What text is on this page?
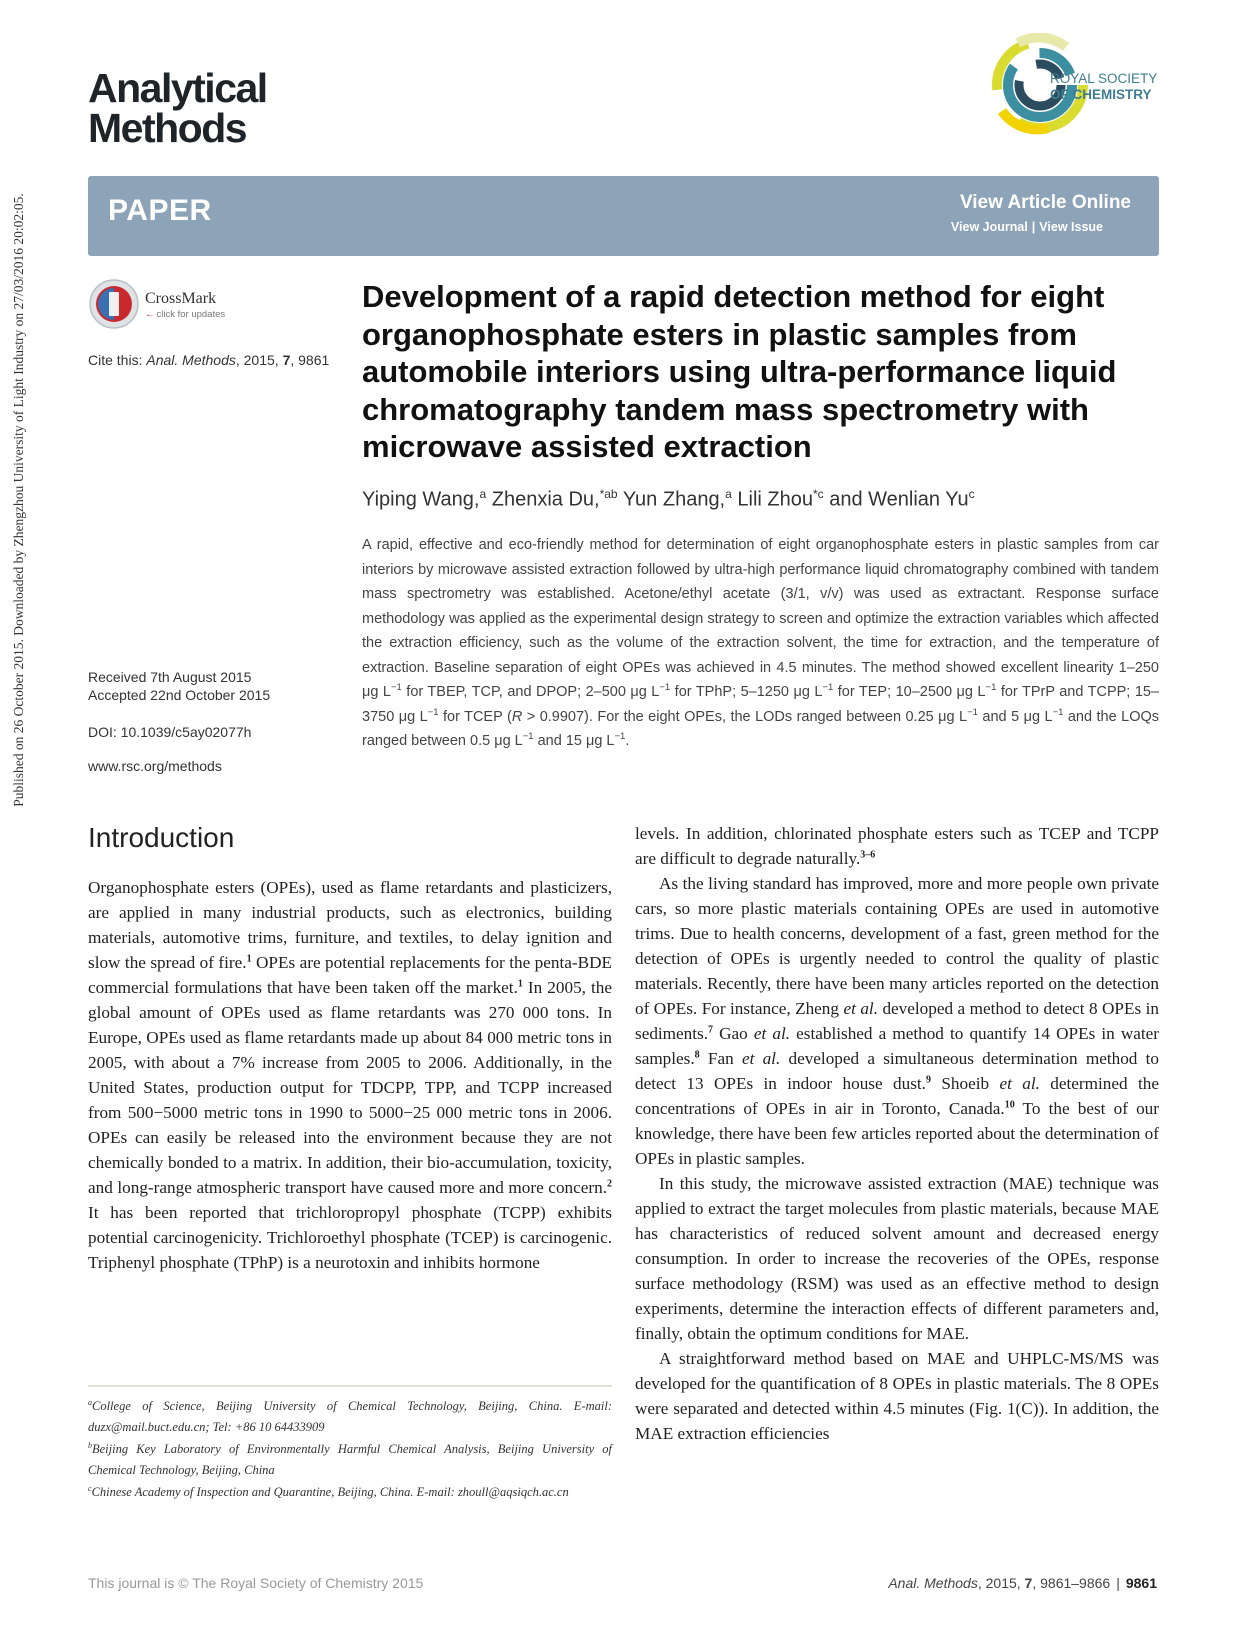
Published on 26 October 2015. Downloaded by Zhengzhou University of Light Industry on 27/03/2016 20:02:05.
Analytical
Methods
ROYAL SOCIETY
OF CHEMISTRY
PAPER	View Article Online
View Journal | View Issue
CrossMark
← click for updates
Cite this: Anal. Methods, 2015, 7, 9861
Received 7th August 2015
Accepted 22nd October 2015
DOI: 10.1039/c5ay02077h
www.rsc.org/methods
Development of a rapid detection method for eight organophosphate esters in plastic samples from automobile interiors using ultra-performance liquid chromatography tandem mass spectrometry with microwave assisted extraction
Yiping Wang,$^a$ Zhenxia Du,$^{*ab}$ Yun Zhang,$^a$ Lili Zhou$^{*c}$ and Wenlian Yu$^c$

A rapid, effective and eco-friendly method for determination of eight organophosphate esters in plastic samples from car interiors by microwave assisted extraction followed by ultra-high performance liquid chromatography combined with tandem mass spectrometry was established. Acetone/ethyl acetate (3/1, v/v) was used as extractant. Response surface methodology was applied as the experimental design strategy to screen and optimize the extraction variables which affected the extraction efficiency, such as the volume of the extraction solvent, the time for extraction, and the temperature of extraction. Baseline separation of eight OPEs was achieved in 4.5 minutes. The method showed excellent linearity 1–250 μg $L^{-1}$ for TBEP, TCP, and DPOP; 2–500 μg $L^{-1}$ for TPhP; 5–1250 μg $L^{-1}$ for TEP; 10–2500 μg $L^{-1}$ for TPrP and TCPP; 15–3750 μg $L^{-1}$ for TCEP (R > 0.9907). For the eight OPEs, the LODs ranged between 0.25 μg $L^{-1}$ and 5 μg $L^{-1}$ and the LOQs ranged between 0.5 μg $L^{-1}$ and 15 μg $L^{-1}$.

Introduction

Organophosphate esters (OPEs), used as flame retardants and plasticizers, are applied in many industrial products, such as electronics, building materials, automotive trims, furniture, and textiles, to delay ignition and slow the spread of fire.$^1$ OPEs are potential replacements for the penta-BDE commercial formulations that have been taken off the market.$^1$ In 2005, the global amount of OPEs used as flame retardants was 270 000 tons. In Europe, OPEs used as flame retardants made up about 84 000 metric tons in 2005, with about a 7% increase from 2005 to 2006. Additionally, in the United States, production output for TDCPP, TPP, and TCPP increased from 500−5000 metric tons in 1990 to 5000−25 000 metric tons in 2006. OPEs can easily be released into the environment because they are not chemically bonded to a matrix. In addition, their bio-accumulation, toxicity, and long-range atmospheric transport have caused more and more concern.$^2$ It has been reported that trichloropropyl phosphate (TCPP) exhibits potential carcinogenicity. Trichloroethyl phosphate (TCEP) is carcinogenic. Triphenyl phosphate (TPhP) is a neurotoxin and inhibits hormone

levels. In addition, chlorinated phosphate esters such as TCEP and TCPP are difficult to degrade naturally.$^{3-6}$

As the living standard has improved, more and more people own private cars, so more plastic materials containing OPEs are used in automotive trims. Due to health concerns, development of a fast, green method for the detection of OPEs is urgently needed to control the quality of plastic materials. Recently, there have been many articles reported on the detection of OPEs. For instance, Zheng et al. developed a method to detect 8 OPEs in sediments.$^7$ Gao et al. established a method to quantify 14 OPEs in water samples.$^8$ Fan et al. developed a simultaneous determination method to detect 13 OPEs in indoor house dust.$^9$ Shoeib et al. determined the concentrations of OPEs in air in Toronto, Canada.$^{10}$ To the best of our knowledge, there have been few articles reported about the determination of OPEs in plastic samples.

In this study, the microwave assisted extraction (MAE) technique was applied to extract the target molecules from plastic materials, because MAE has characteristics of reduced solvent amount and decreased energy consumption. In order to increase the recoveries of the OPEs, response surface methodology (RSM) was used as an effective method to design experiments, determine the interaction effects of different parameters and, finally, obtain the optimum conditions for MAE.

A straightforward method based on MAE and UHPLC-MS/MS was developed for the quantification of 8 OPEs in plastic materials. The 8 OPEs were separated and detected within 4.5 minutes (Fig. 1(C)). In addition, the MAE extraction efficiencies

$^a$College of Science, Beijing University of Chemical Technology, Beijing, China. E-mail: duzx@mail.buct.edu.cn; Tel: +86 10 64433909

$^b$Beijing Key Laboratory of Environmentally Harmful Chemical Analysis, Beijing University of Chemical Technology, Beijing, China

$^c$Chinese Academy of Inspection and Quarantine, Beijing, China. E-mail: zhoull@aqsiqch.ac.cn

This journal is © The Royal Society of Chemistry 2015	Anal. Methods, 2015, 7, 9861–9866 | 9861
